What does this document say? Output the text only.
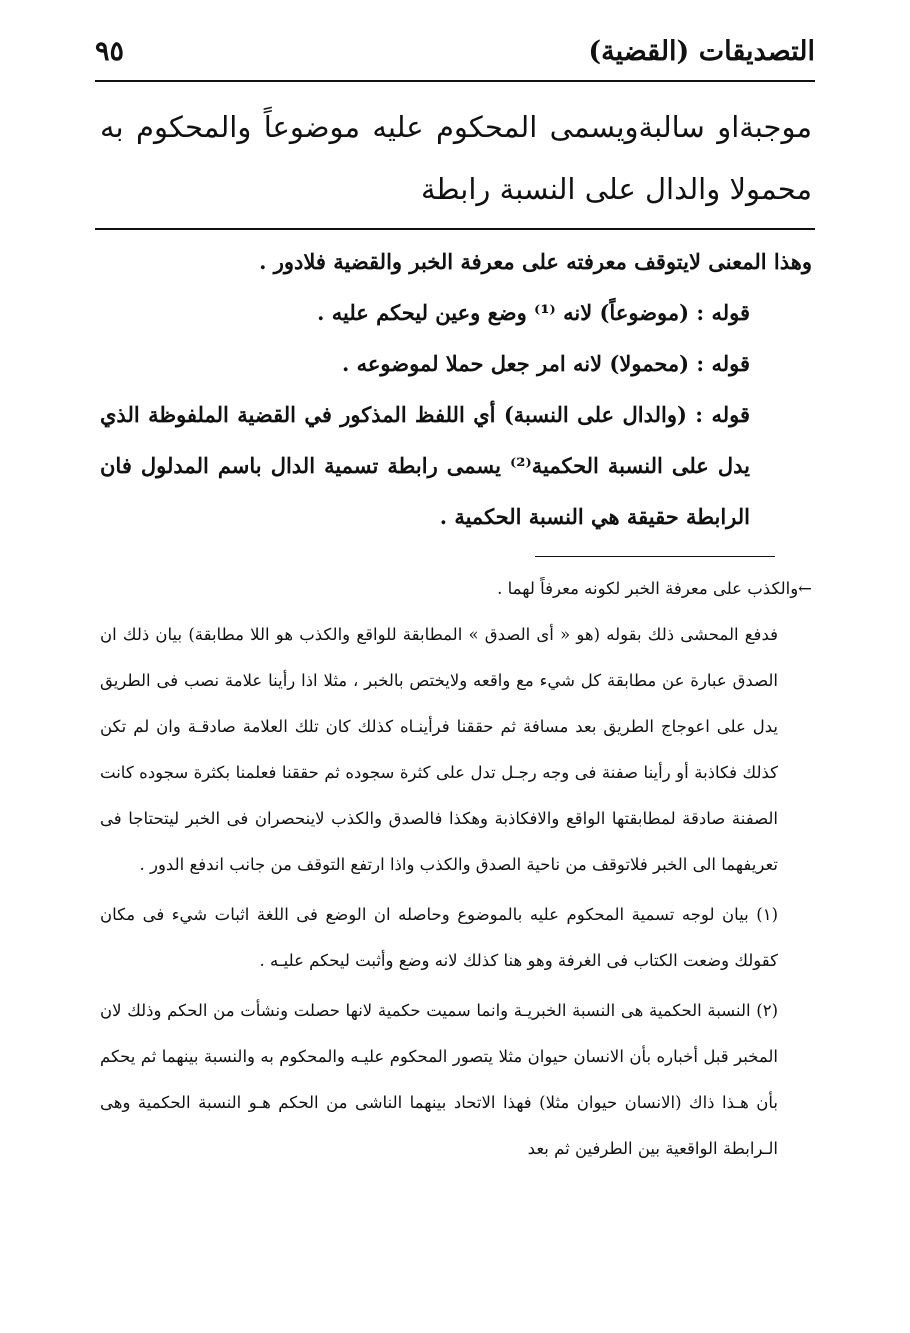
التصديقات (القضية)
٩٥

موجبةاو سالبةويسمى المحكوم عليه موضوعاً والمحكوم به محمولا والدال على النسبة رابطة

وهذا المعنى لايتوقف معرفته على معرفة الخبر والقضية فلادور .

قوله : (موضوعاً) لانه ⁽¹⁾ وضع وعين ليحكم عليه .

قوله : (محمولا) لانه امر جعل حملا لموضوعه .

قوله : (والدال على النسبة) أي اللفظ المذكور في القضية الملفوظة الذي يدل على النسبة الحكمية⁽²⁾ يسمى رابطة تسمية الدال باسم المدلول فان الرابطة حقيقة هي النسبة الحكمية .

←والكذب على معرفة الخبر لكونه معرفاً لهما .

فدفع المحشى ذلك بقوله (هو « أى الصدق » المطابقة للواقع والكذب هو اللا مطابقة) بيان ذلك ان الصدق عبارة عن مطابقة كل شيء مع واقعه ولايختص بالخبر ، مثلا اذا رأينا علامة نصب فى الطريق يدل على اعوجاج الطريق بعد مسافة ثم حققنا فرأينـاه كذلك كان تلك العلامة صادقـة وان لم تكن كذلك فكاذبة أو رأينا صفنة فى وجه رجـل تدل على كثرة سجوده ثم حققنا فعلمنا بكثرة سجوده كانت الصفنة صادقة لمطابقتها الواقع والافكاذبة وهكذا فالصدق والكذب لاينحصران فى الخبر ليتحتاجا فى تعريفهما الى الخبر فلاتوقف من ناحية الصدق والكذب واذا ارتفع التوقف من جانب اندفع الدور .

(١) بيان لوجه تسمية المحكوم عليه بالموضوع وحاصله ان الوضع فى اللغة اثبات شيء فى مكان كقولك وضعت الكتاب فى الغرفة وهو هنا كذلك لانه وضع وأثبت ليحكم عليـه .

(٢) النسبة الحكمية هى النسبة الخبريـة وانما سميت حكمية لانها حصلت ونشأت من الحكم وذلك لان المخبر قبل أخباره بأن الانسان حيوان مثلا يتصور المحكوم عليـه والمحكوم به والنسبة بينهما ثم يحكم بأن هـذا ذاك (الانسان حيوان مثلا) فهذا الاتحاد بينهما الناشى من الحكم هـو النسبة الحكمية وهى الـرابطة الواقعية بين الطرفين ثم بعد
